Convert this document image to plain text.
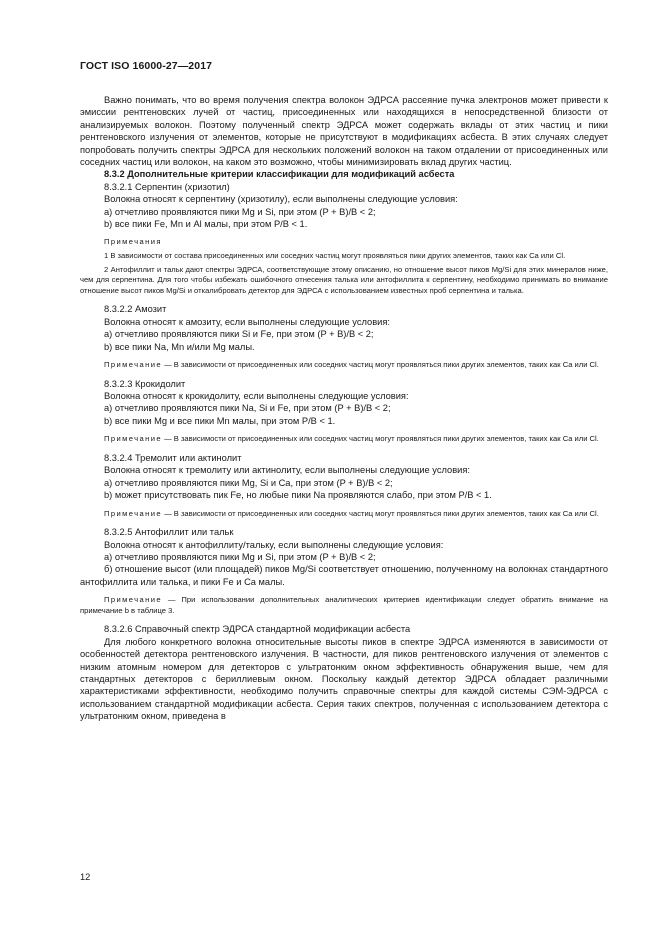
ГОСТ ISO 16000-27—2017

Важно понимать, что во время получения спектра волокон ЭДРСА рассеяние пучка электронов может привести к эмиссии рентгеновских лучей от частиц, присоединенных или находящихся в непосредственной близости от анализируемых волокон. Поэтому полученный спектр ЭДРСА может содержать вклады от этих частиц и пики рентгеновского излучения от элементов, которые не присутствуют в модификациях асбеста. В этих случаях следует попробовать получить спектры ЭДРСА для нескольких положений волокон на таком отдалении от присоединенных или соседних частиц или волокон, на каком это возможно, чтобы минимизировать вклад других частиц.

8.3.2 Дополнительные критерии классификации для модификаций асбеста

8.3.2.1 Серпентин (хризотил)

Волокна относят к серпентину (хризотилу), если выполнены следующие условия:

а) отчетливо проявляются пики Mg и Si, при этом (P + B)/B < 2;

b) все пики Fe, Mn и Al малы, при этом P/B < 1.

Примечания

1 В зависимости от состава присоединенных или соседних частиц могут проявляться пики других элементов, таких как Ca или Cl.

2 Антофиллит и тальк дают спектры ЭДРСА, соответствующие этому описанию, но отношение высот пиков Mg/Si для этих минералов ниже, чем для серпентина. Для того чтобы избежать ошибочного отнесения талька или антофиллита к серпентину, необходимо принимать во внимание отношение высот пиков Mg/Si и откалибровать детектор для ЭДРСА с использованием известных проб серпентина и талька.

8.3.2.2 Амозит

Волокна относят к амозиту, если выполнены следующие условия:

а) отчетливо проявляются пики Si и Fe, при этом (P + B)/B < 2;

b) все пики Na, Mn и/или Mg малы.

Примечание — В зависимости от присоединенных или соседних частиц могут проявляться пики других элементов, таких как Ca или Cl.

8.3.2.3 Крокидолит

Волокна относят к крокидолиту, если выполнены следующие условия:

а) отчетливо проявляются пики Na, Si и Fe, при этом (P + B)/B < 2;

b) все пики Mg и все пики Mn малы, при этом P/B < 1.

Примечание — В зависимости от присоединенных или соседних частиц могут проявляться пики других элементов, таких как Ca или Cl.

8.3.2.4 Тремолит или актинолит

Волокна относят к тремолиту или актинолиту, если выполнены следующие условия:

а) отчетливо проявляются пики Mg, Si и Ca, при этом (P + B)/B < 2;

b) может присутствовать пик Fe, но любые пики Na проявляются слабо, при этом P/B < 1.

Примечание — В зависимости от присоединенных или соседних частиц могут проявляться пики других элементов, таких как Ca или Cl.

8.3.2.5 Антофиллит или тальк

Волокна относят к антофиллиту/тальку, если выполнены следующие условия:

а) отчетливо проявляются пики Mg и Si, при этом (P + B)/B < 2;

б) отношение высот (или площадей) пиков Mg/Si соответствует отношению, полученному на волокнах стандартного антофиллита или талька, и пики Fe и Ca малы.

Примечание — При использовании дополнительных аналитических критериев идентификации следует обратить внимание на примечание b в таблице 3.

8.3.2.6 Справочный спектр ЭДРСА стандартной модификации асбеста

Для любого конкретного волокна относительные высоты пиков в спектре ЭДРСА изменяются в зависимости от особенностей детектора рентгеновского излучения. В частности, для пиков рентгеновского излучения от элементов с низким атомным номером для детекторов с ультратонким окном эффективность обнаружения выше, чем для стандартных детекторов с бериллиевым окном. Поскольку каждый детектор ЭДРСА обладает различными характеристиками эффективности, необходимо получить справочные спектры для каждой системы СЭМ-ЭДРСА с использованием стандартной модификации асбеста. Серия таких спектров, полученная с использованием детектора с ультратонким окном, приведена в

12
